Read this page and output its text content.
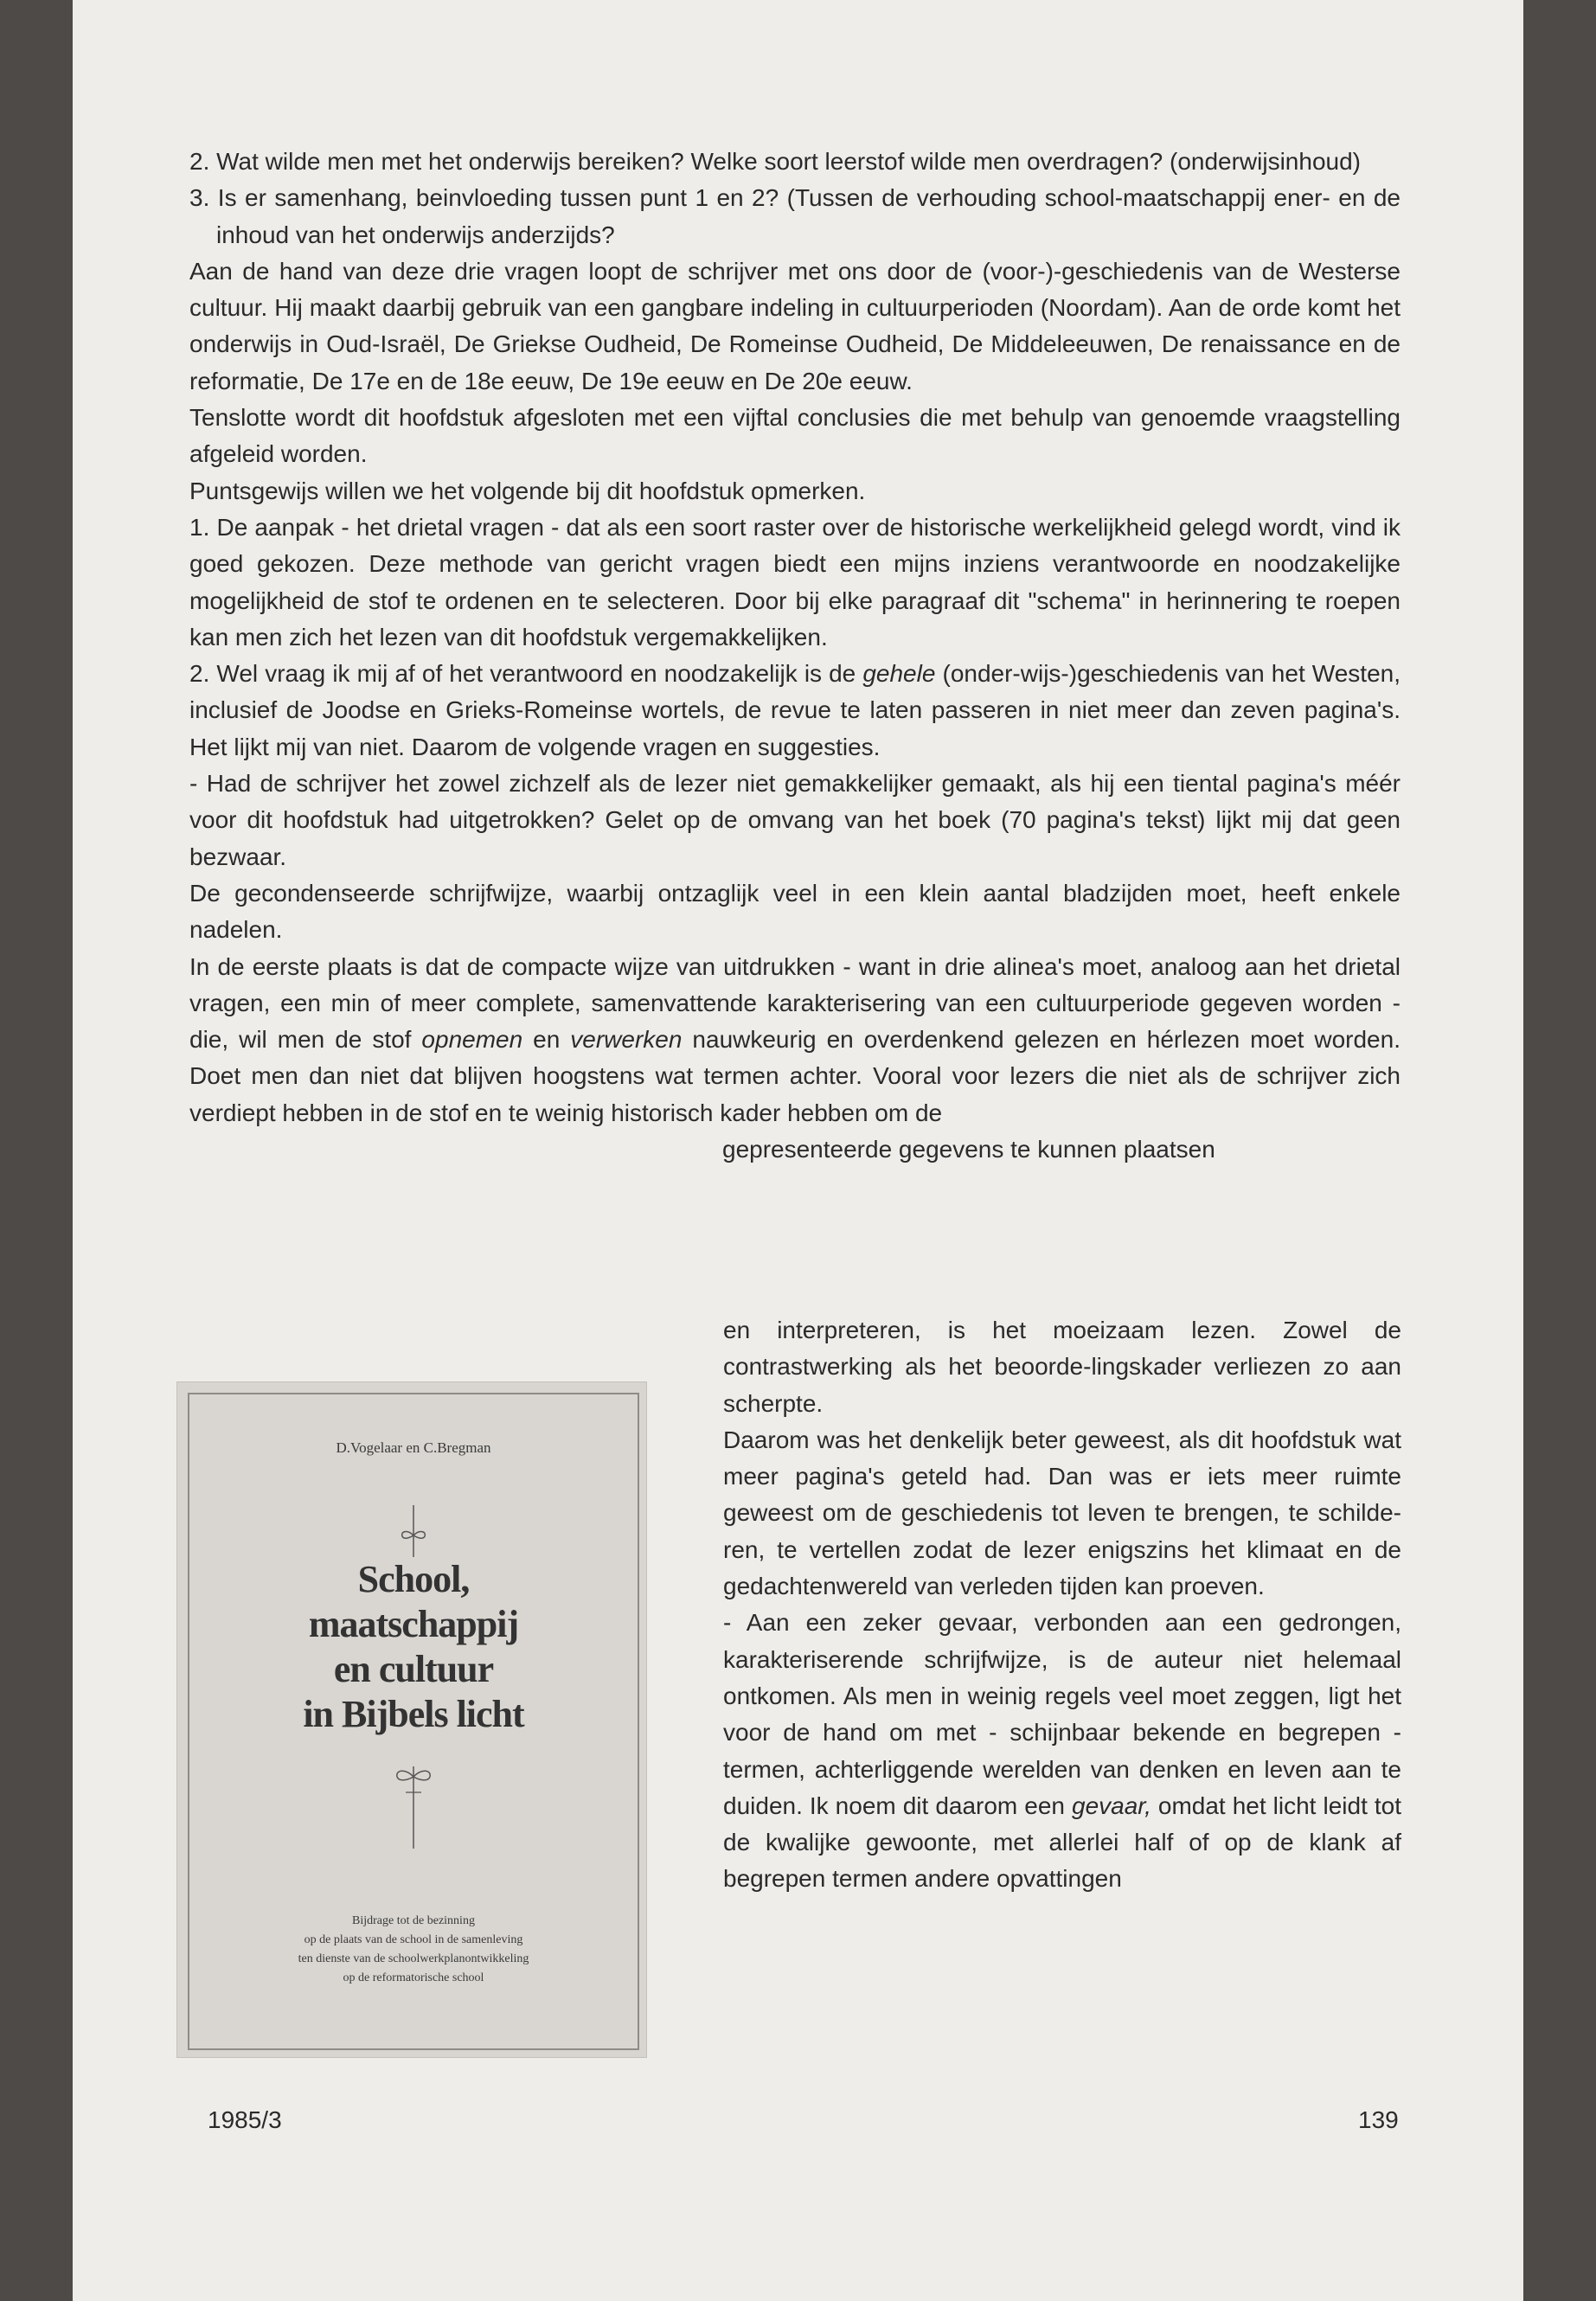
2. Wat wilde men met het onderwijs bereiken? Welke soort leerstof wilde men overdragen? (onderwijsinhoud)

3. Is er samenhang, beinvloeding tussen punt 1 en 2? (Tussen de verhouding school-maatschappij ener- en de inhoud van het onderwijs anderzijds?

Aan de hand van deze drie vragen loopt de schrijver met ons door de (voor-)-geschiedenis van de Westerse cultuur. Hij maakt daarbij gebruik van een gangbare indeling in cultuurperioden (Noordam). Aan de orde komt het onderwijs in Oud-Israël, De Griekse Oudheid, De Romeinse Oudheid, De Middeleeuwen, De renaissance en de reformatie, De 17e en de 18e eeuw, De 19e eeuw en De 20e eeuw.

Tenslotte wordt dit hoofdstuk afgesloten met een vijftal conclusies die met behulp van genoemde vraagstelling afgeleid worden.

Puntsgewijs willen we het volgende bij dit hoofdstuk opmerken.

1. De aanpak - het drietal vragen - dat als een soort raster over de historische werkelijkheid gelegd wordt, vind ik goed gekozen. Deze methode van gericht vragen biedt een mijns inziens verantwoorde en noodzakelijke mogelijkheid de stof te ordenen en te selecteren. Door bij elke paragraaf dit "schema" in herinnering te roepen kan men zich het lezen van dit hoofdstuk vergemakkelijken.

2. Wel vraag ik mij af of het verantwoord en noodzakelijk is de gehele (onder-wijs-)geschiedenis van het Westen, inclusief de Joodse en Grieks-Romeinse wortels, de revue te laten passeren in niet meer dan zeven pagina's. Het lijkt mij van niet. Daarom de volgende vragen en suggesties.

- Had de schrijver het zowel zichzelf als de lezer niet gemakkelijker gemaakt, als hij een tiental pagina's méér voor dit hoofdstuk had uitgetrokken? Gelet op de omvang van het boek (70 pagina's tekst) lijkt mij dat geen bezwaar.

De gecondenseerde schrijfwijze, waarbij ontzaglijk veel in een klein aantal bladzijden moet, heeft enkele nadelen.

In de eerste plaats is dat de compacte wijze van uitdrukken - want in drie alinea's moet, analoog aan het drietal vragen, een min of meer complete, samenvattende karakterisering van een cultuurperiode gegeven worden - die, wil men de stof opnemen en verwerken nauwkeurig en overdenkend gelezen en hérlezen moet worden. Doet men dan niet dat blijven hoogstens wat termen achter. Vooral voor lezers die niet als de schrijver zich verdiept hebben in de stof en te weinig historisch kader hebben om de

gepresenteerde gegevens te kunnen plaatsen

en interpreteren, is het moeizaam lezen. Zowel de contrastwerking als het beoorde-lingskader verliezen zo aan scherpte.

Daarom was het denkelijk beter geweest, als dit hoofdstuk wat meer pagina's geteld had. Dan was er iets meer ruimte geweest om de geschiedenis tot leven te brengen, te schilde-ren, te vertellen zodat de lezer enigszins het klimaat en de gedachtenwereld van verleden tijden kan proeven.

- Aan een zeker gevaar, verbonden aan een gedrongen, karakteriserende schrijfwijze, is de auteur niet helemaal ontkomen. Als men in weinig regels veel moet zeggen, ligt het voor de hand om met - schijnbaar bekende en begrepen - termen, achterliggende werelden van denken en leven aan te duiden. Ik noem dit daarom een gevaar, omdat het licht leidt tot de kwalijke gewoonte, met allerlei half of op de klank af begrepen termen andere opvattingen

D.Vogelaar en C.Bregman
School,
maatschappij
en cultuur
in Bijbels licht
Bijdrage tot de bezinning
op de plaats van de school in de samenleving
ten dienste van de schoolwerkplanontwikkeling
op de reformatorische school
1985/3	139
